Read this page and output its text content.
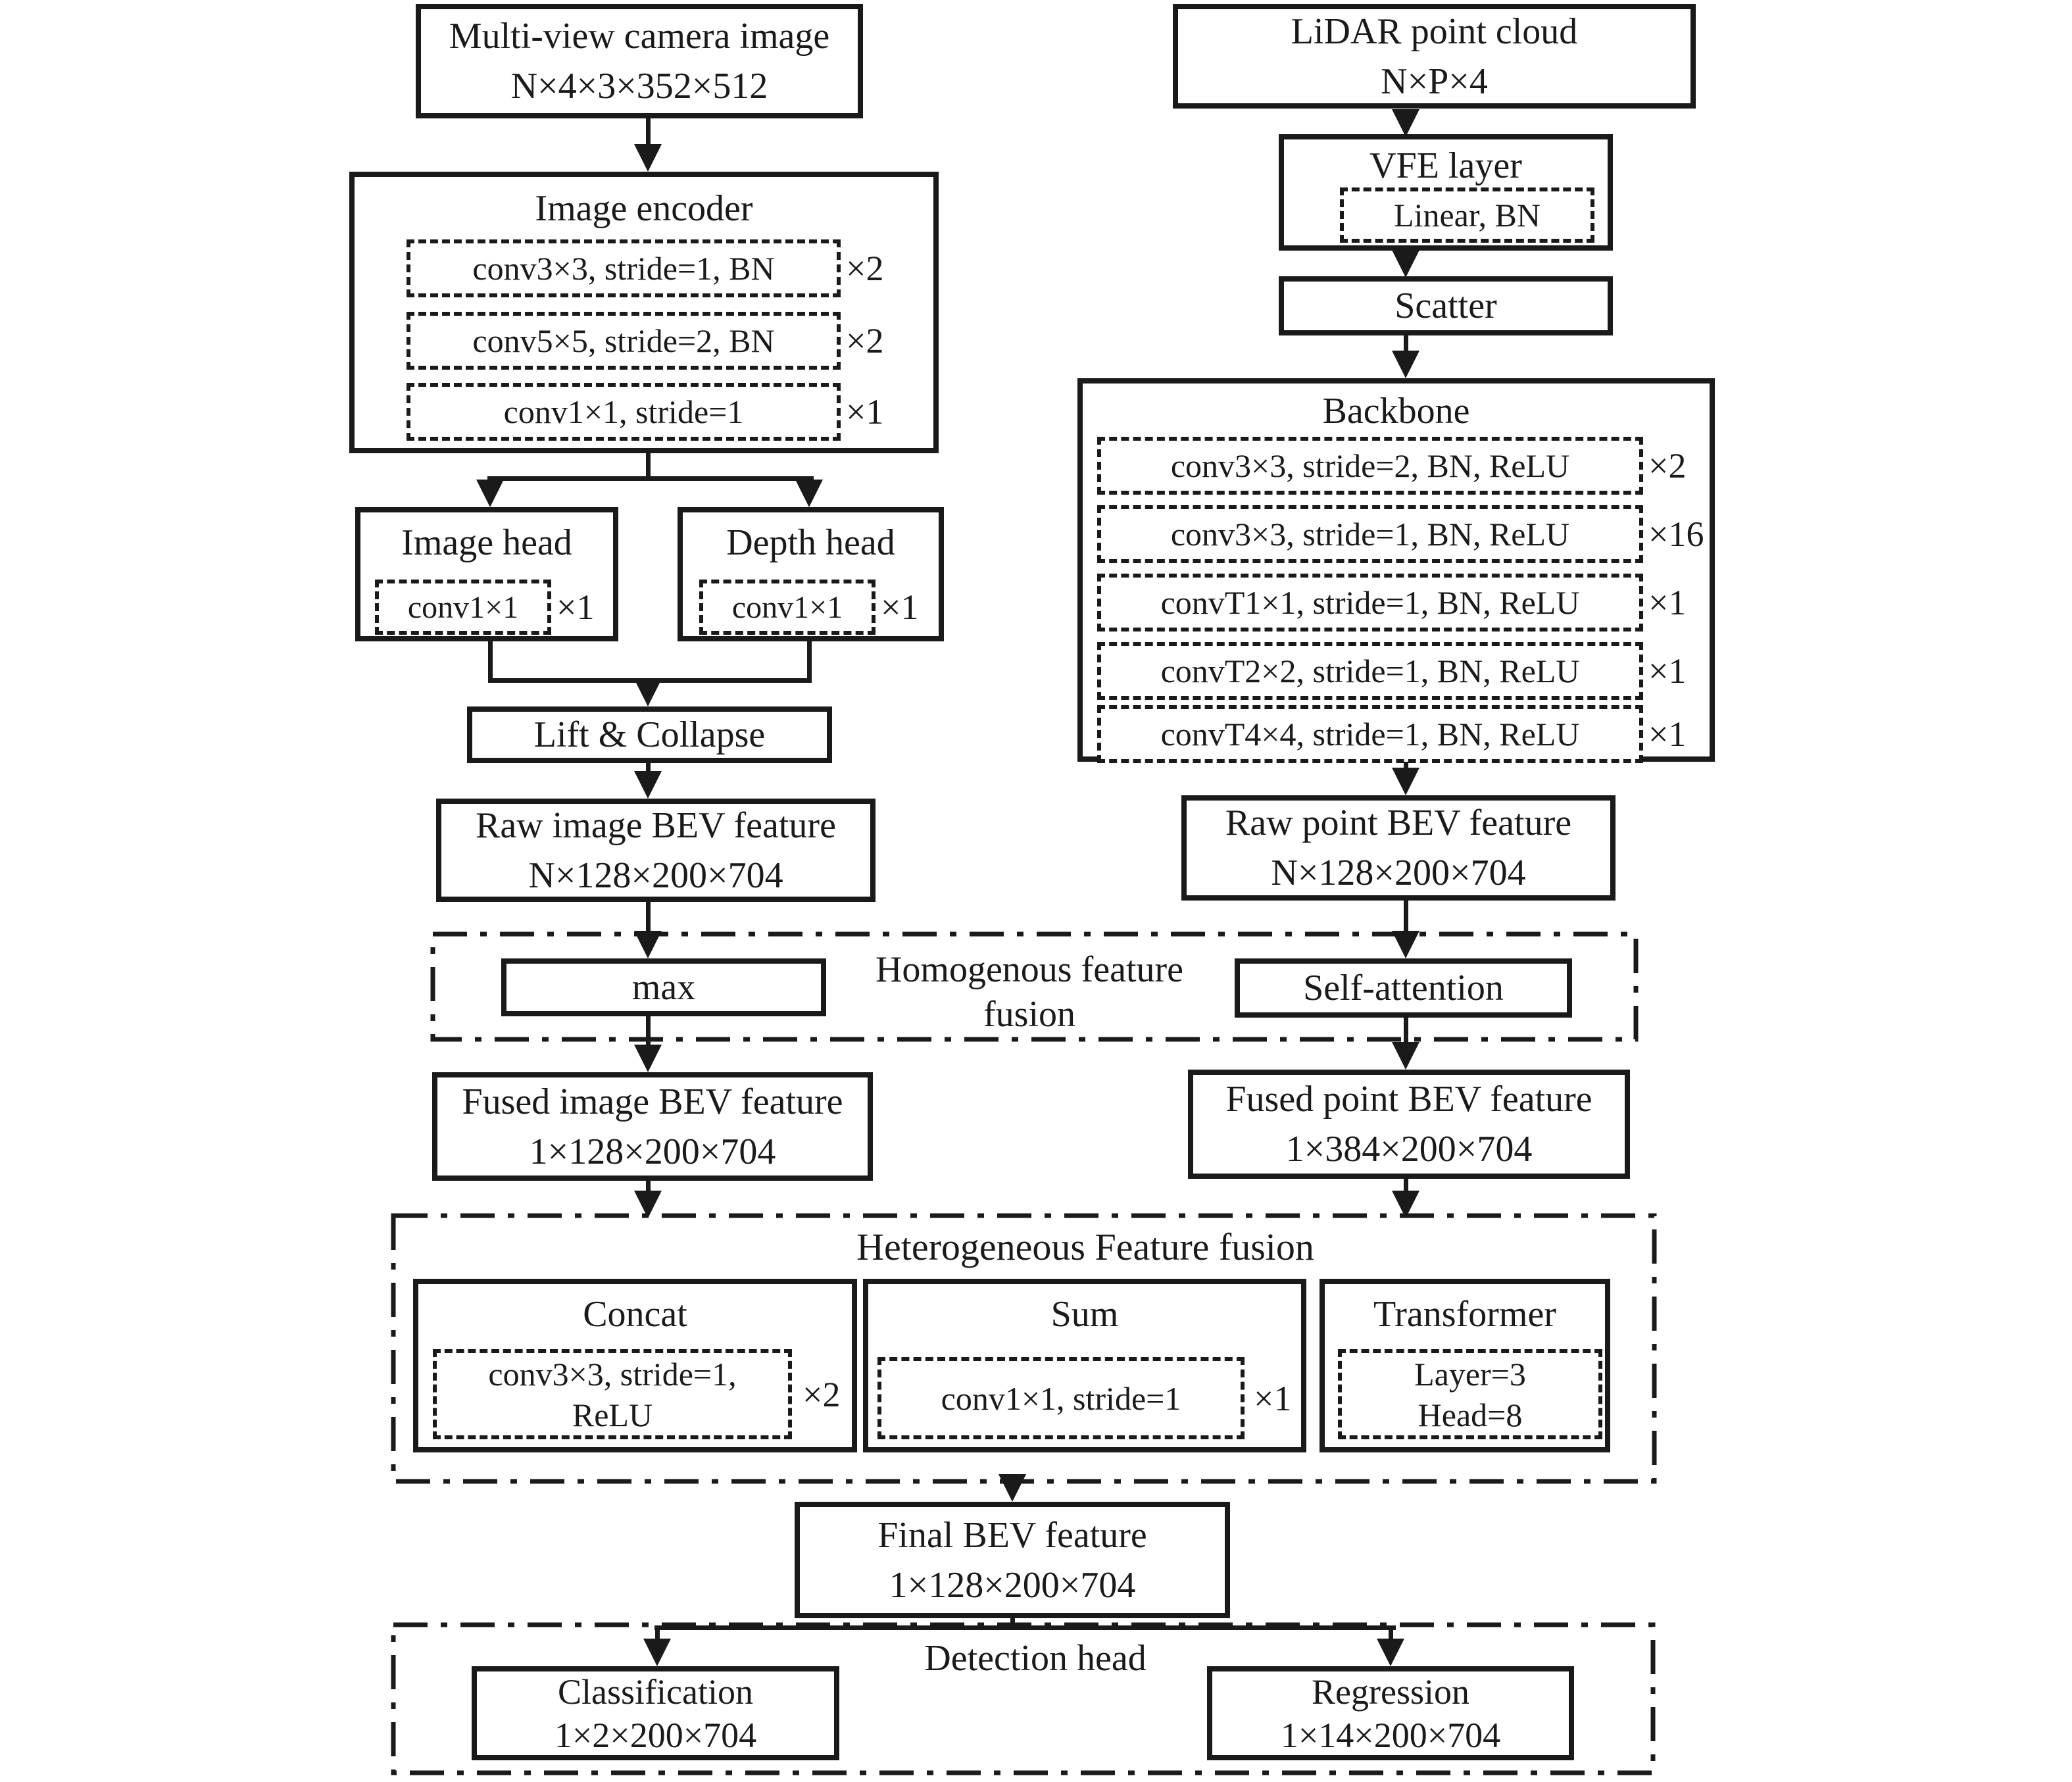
Multi-view camera image
N×4×3×352×512
Image encoder
conv3×3, stride=1, BN	×2
conv5×5, stride=2, BN	×2
conv1×1, stride=1	×1
Image head
conv1×1	×1
Depth head
conv1×1	×1
Lift & Collapse
Raw image BEV feature
N×128×200×704
max	Homogenous feature
fusion
Self-attention
Fused image BEV feature
1×128×200×704
LiDAR point cloud
N×P×4
VFE layer
Linear, BN
Scatter
Backbone
conv3×3, stride=2, BN, ReLU	×2
conv3×3, stride=1, BN, ReLU	×16
convT1×1, stride=1, BN, ReLU	×1
convT2×2, stride=1, BN, ReLU	×1
convT4×4, stride=1, BN, ReLU	×1
Raw point BEV feature
N×128×200×704
Fused point BEV feature
1×384×200×704
Heterogeneous Feature fusion
Concat
conv3×3, stride=1,
ReLU
×2
Sum
conv1×1, stride=1	×1
Transformer
Layer=3
Head=8
Final BEV feature
1×128×200×704
Detection head
Classification
1×2×200×704
Regression
1×14×200×704
